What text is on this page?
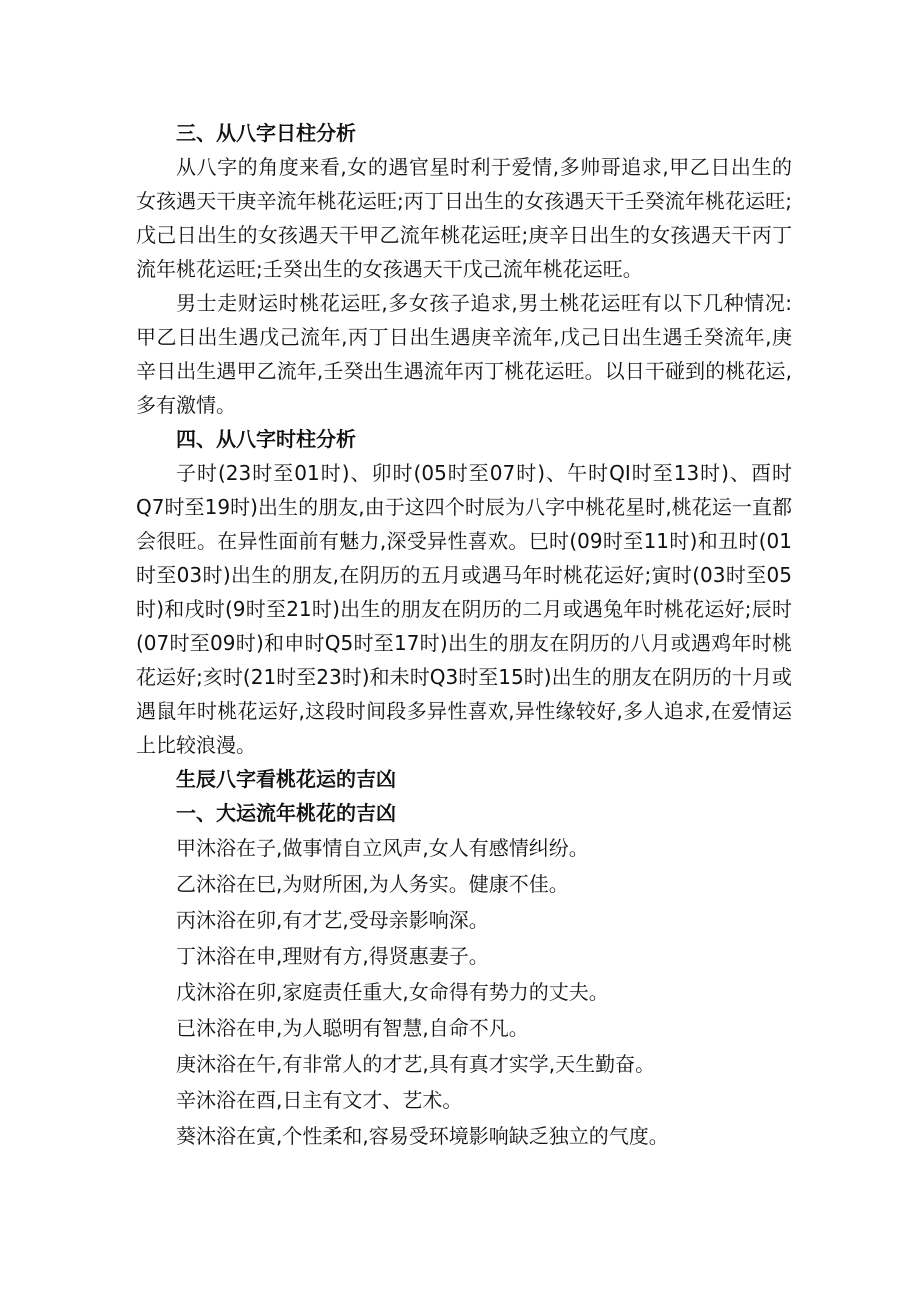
三、从八字日柱分析

从八字的角度来看,女的遇官星时利于爱情,多帅哥追求,甲乙日出生的女孩遇天干庚辛流年桃花运旺;丙丁日出生的女孩遇天干壬癸流年桃花运旺;戊己日出生的女孩遇天干甲乙流年桃花运旺;庚辛日出生的女孩遇天干丙丁流年桃花运旺;壬癸出生的女孩遇天干戊己流年桃花运旺。

男士走财运时桃花运旺,多女孩子追求,男土桃花运旺有以下几种情况:甲乙日出生遇戊己流年,丙丁日出生遇庚辛流年,戊己日出生遇壬癸流年,庚辛日出生遇甲乙流年,壬癸出生遇流年丙丁桃花运旺。以日干碰到的桃花运,多有激情。

四、从八字时柱分析

子时(23时至01时)、卯时(05时至07时)、午时QI时至13时)、酉时Q7时至19时)出生的朋友,由于这四个时辰为八字中桃花星时,桃花运一直都会很旺。在异性面前有魅力,深受异性喜欢。巳时(09时至11时)和丑时(01时至03时)出生的朋友,在阴历的五月或遇马年时桃花运好;寅时(03时至05时)和戌时(9时至21时)出生的朋友在阴历的二月或遇兔年时桃花运好;辰时(07时至09时)和申时Q5时至17时)出生的朋友在阴历的八月或遇鸡年时桃花运好;亥时(21时至23时)和未时Q3时至15时)出生的朋友在阴历的十月或遇鼠年时桃花运好,这段时间段多异性喜欢,异性缘较好,多人追求,在爱情运上比较浪漫。

生辰八字看桃花运的吉凶
一、大运流年桃花的吉凶

甲沐浴在子,做事情自立风声,女人有感情纠纷。

乙沐浴在巳,为财所困,为人务实。健康不佳。

丙沐浴在卯,有才艺,受母亲影响深。

丁沐浴在申,理财有方,得贤惠妻子。

戊沐浴在卯,家庭责任重大,女命得有势力的丈夫。

已沐浴在申,为人聪明有智慧,自命不凡。

庚沐浴在午,有非常人的才艺,具有真才实学,天生勤奋。

辛沐浴在酉,日主有文才、艺术。

葵沐浴在寅,个性柔和,容易受环境影响缺乏独立的气度。
